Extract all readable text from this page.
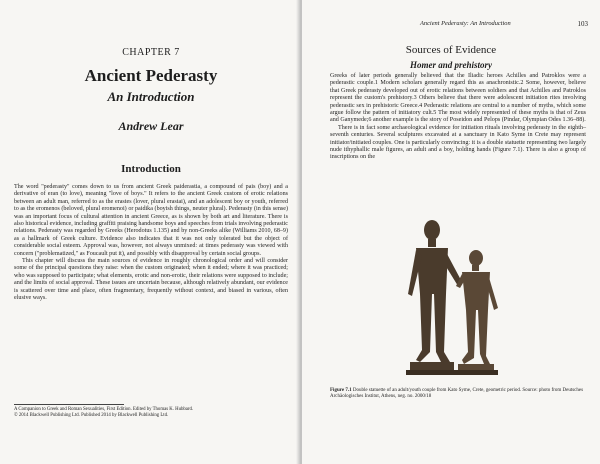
CHAPTER 7
Ancient Pederasty
An Introduction
Andrew Lear
Introduction

The word "pederasty" comes down to us from ancient Greek paiderastia, a compound of pais (boy) and a derivative of eran (to love), meaning "love of boys." It refers to the ancient Greek custom of erotic relations between an adult man, referred to as the erastes (lover, plural erastai), and an adolescent boy or youth, referred to as the eromenos (beloved, plural eromenoi) or paidika (boyish things, neuter plural). Pederasty (in this sense) was an important focus of cultural attention in ancient Greece, as is shown by both art and literature. There is also historical evidence, including graffiti praising handsome boys and speeches from trials involving pederastic relations. Pederasty was regarded by Greeks (Herodotus 1.135) and by non-Greeks alike (Williams 2010, 68–9) as a hallmark of Greek culture. Evidence also indicates that it was not only tolerated but the object of considerable social esteem. Approval was, however, not always unmixed: at times pederasty was viewed with concern ("problematized," as Foucault put it), and possibly with disapproval by certain social groups.

This chapter will discuss the main sources of evidence in roughly chronological order and will consider some of the principal questions they raise: when the custom originated; when it ended; where it was practiced; who was supposed to participate; what elements, erotic and non-erotic, their relations were supposed to include; and the limits of social approval. These issues are uncertain because, although relatively abundant, our evidence is scattered over time and place, often fragmentary, frequently without context, and biased in various, often elusive ways.

A Companion to Greek and Roman Sexualities, First Edition. Edited by Thomas K. Hubbard.
© 2014 Blackwell Publishing Ltd. Published 2014 by Blackwell Publishing Ltd.
Ancient Pederasty: An Introduction	103
Sources of Evidence
Homer and prehistory

Greeks of later periods generally believed that the Iliadic heroes Achilles and Patroklos were a pederastic couple.1 Modern scholars generally regard this as anachronistic.2 Some, however, believe that Greek pederasty developed out of erotic relations between soldiers and that Achilles and Patroklos represent the custom's prehistory.3 Others believe that there were adolescent initiation rites involving pederastic sex in prehistoric Greece.4 Pederastic relations are central to a number of myths, which some argue follow the pattern of initiatory cult.5 The most widely represented of these myths is that of Zeus and Ganymede;6 another example is the story of Poseidon and Pelops (Pindar, Olympian Odes 1.36–88).

There is in fact some archaeological evidence for initiation rituals involving pederasty in the eighth–seventh centuries. Several sculptures excavated at a sanctuary in Kato Syme in Crete may represent initiator/initiated couples. One is particularly convincing: it is a double statuette representing two largely nude ithyphallic male figures, an adult and a boy, holding hands (Figure 7.1). There is also a group of inscriptions on the

Figure 7.1 Double statuette of an adult/youth couple from Kato Syme, Crete, geometric period. Source: photo from Deutsches Archäologisches Institut, Athens, neg. no. 2000/18
